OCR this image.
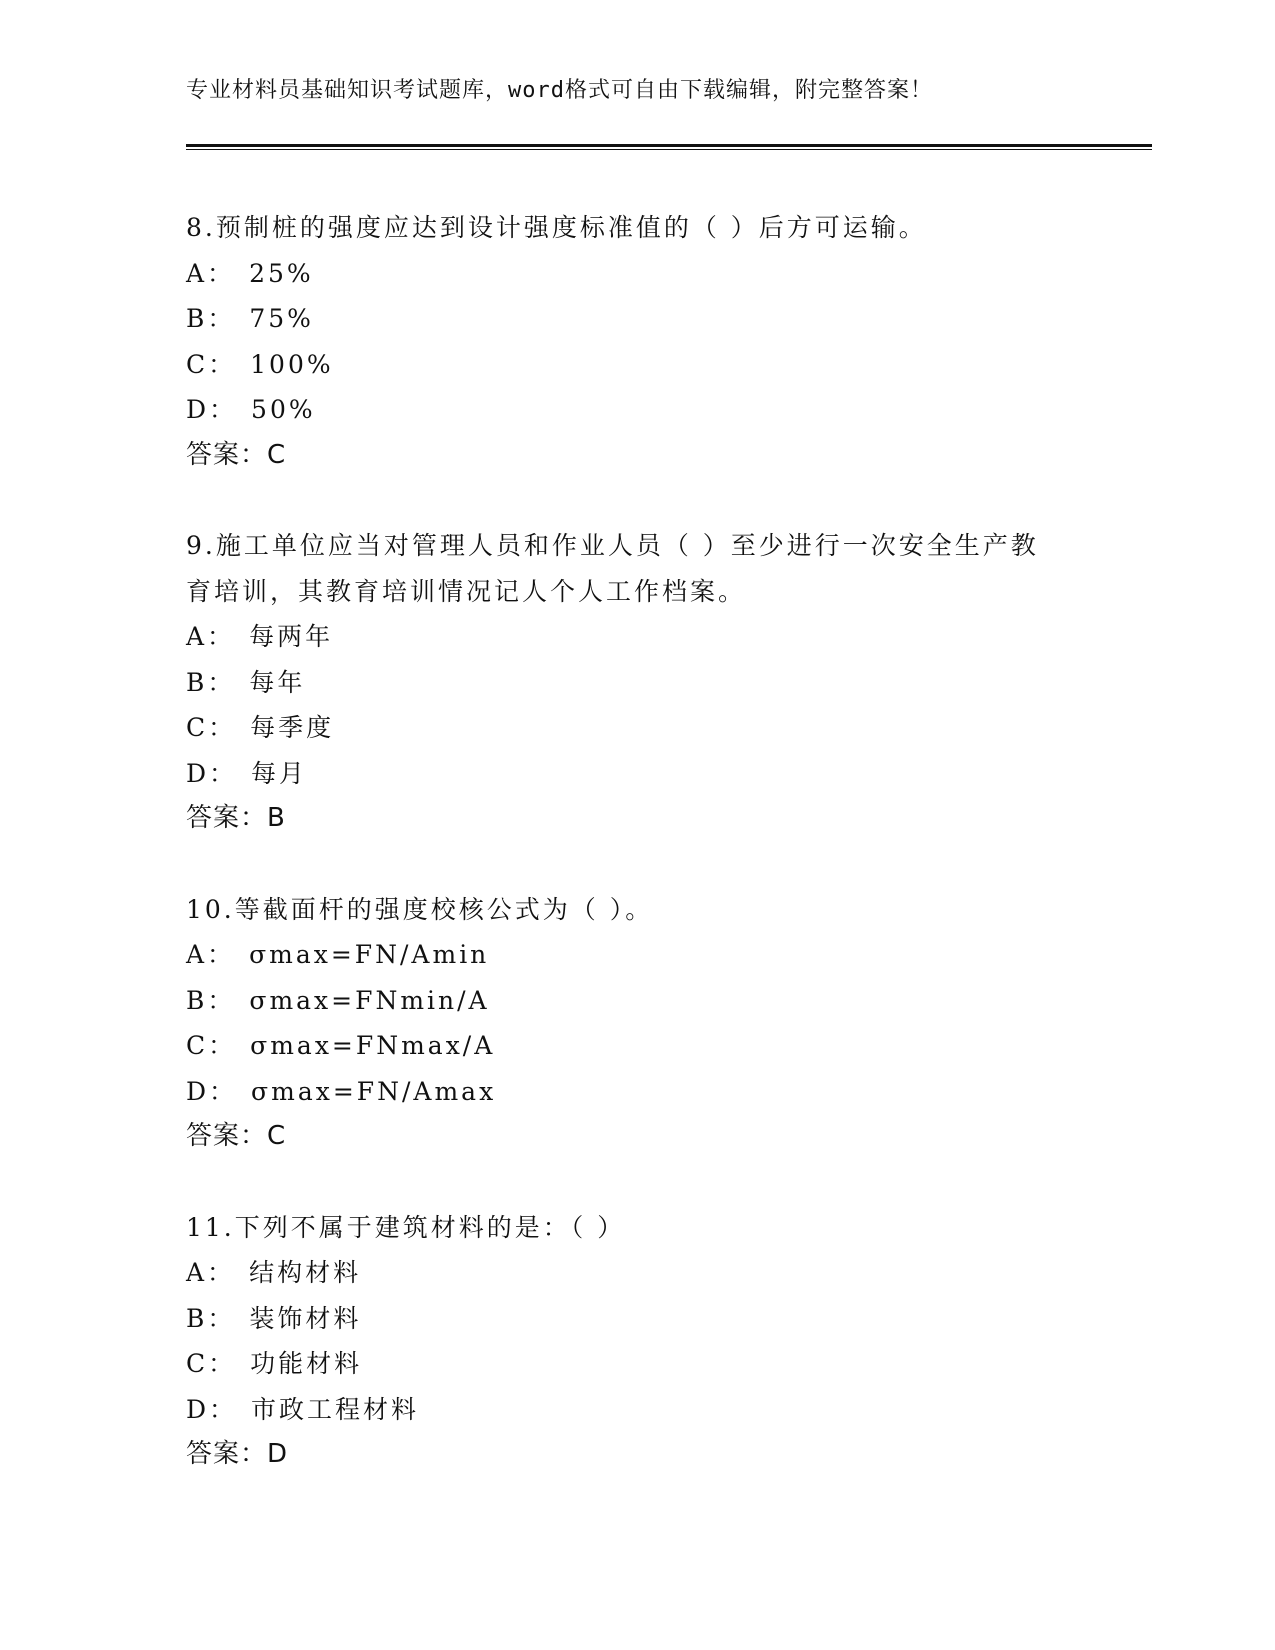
专业材料员基础知识考试题库，word格式可自由下载编辑，附完整答案！
8.预制桩的强度应达到设计强度标准值的（ ）后方可运输。
A： 25%
B： 75%
C： 100%
D： 50%
答案：C
9.施工单位应当对管理人员和作业人员（ ）至少进行一次安全生产教
育培训，其教育培训情况记人个人工作档案。
A： 每两年
B： 每年
C： 每季度
D： 每月
答案：B
10.等截面杆的强度校核公式为（ ）。
A： σmax=FN/Amin
B： σmax=FNmin/A
C： σmax=FNmax/A
D： σmax=FN/Amax
答案：C
11.下列不属于建筑材料的是：（ ）
A： 结构材料
B： 装饰材料
C： 功能材料
D： 市政工程材料
答案：D
